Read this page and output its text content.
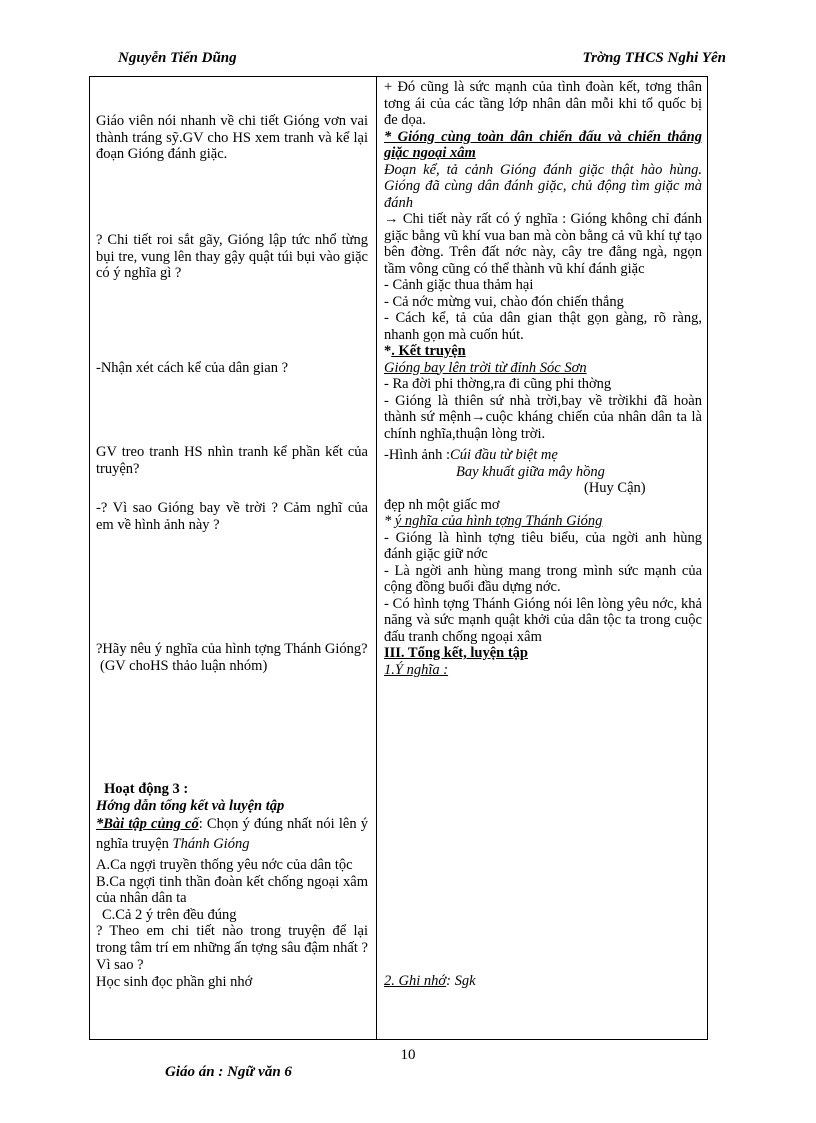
Nguyễn Tiến Dũng	Trờng THCS Nghi Yên

Giáo viên nói nhanh về chi tiết Gióng vơn vai thành tráng sỹ.GV cho HS xem tranh và kể lại đoạn Gióng đánh giặc.

? Chi tiết roi sắt gãy, Gióng lập tức nhổ từng bụi tre, vung lên thay gậy quật túi bụi vào giặc có ý nghĩa gì ?

-Nhận xét cách kể của dân gian ?

GV treo tranh HS nhìn tranh kể phần kết của truyện?

-? Vì sao Gióng bay về trời ? Cảm nghĩ của em về hình ảnh này ?

?Hãy nêu ý nghĩa của hình tợng Thánh Gióng?

(GV choHS thảo luận nhóm)

Hoạt động 3 :

Hớng dẫn tổng kết và luyện tập

*Bài tập củng cố: Chọn ý đúng nhất nói lên ý nghĩa truyện Thánh Gióng

A.Ca ngợi truyền thống yêu nớc của dân tộc

B.Ca ngợi tinh thần đoàn kết chống ngoại xâm của nhân dân ta

C.Cả 2 ý trên đều đúng

? Theo em chi tiết nào trong truyện để lại trong tâm trí em những ấn tợng sâu đậm nhất ? Vì sao ?

Học sinh đọc phần ghi nhớ

+ Đó cũng là sức mạnh của tình đoàn kết, tơng thân tơng ái của các tầng lớp nhân dân mỗi khi tổ quốc bị đe dọa.

* Gióng cùng toàn dân chiến đấu và chiến thắng giặc ngoại xâm

Đoạn kể, tả cảnh Gióng đánh giặc thật hào hùng. Gióng đã cùng dân đánh giặc, chủ động tìm giặc mà đánh

→ Chi tiết này rất có ý nghĩa : Gióng không chỉ đánh giặc bằng vũ khí vua ban mà còn bằng cả vũ khí tự tạo bên đờng. Trên đất nớc này, cây tre đằng ngà, ngọn tầm vông cũng có thể thành vũ khí đánh giặc

- Cảnh giặc thua thảm hại

- Cả nớc mừng vui, chào đón chiến thắng

- Cách kể, tả của dân gian thật gọn gàng, rõ ràng, nhanh gọn mà cuốn hút.

*. Kết truyện

Gióng bay lên trời từ đỉnh Sóc Sơn

- Ra đời phi thờng,ra đi cũng phi thờng

- Gióng là thiên sứ nhà trời,bay về trờikhi đã hoàn thành sứ mệnh→cuộc kháng chiến của nhân dân ta là chính nghĩa,thuận lòng trời.

-Hình ảnh :Cúi đầu từ biệt mẹ

Bay khuất giữa mây hồng

(Huy Cận)

đẹp nh một giấc mơ

* ý nghĩa của hình tợng Thánh Gióng

- Gióng là hình tợng tiêu biểu, của ngời anh hùng đánh giặc giữ nớc

- Là ngời anh hùng mang trong mình sức mạnh của cộng đồng buổi đầu dựng nớc.

- Có hình tợng Thánh Gióng nói lên lòng yêu nớc, khả năng và sức mạnh quật khởi của dân tộc ta trong cuộc đấu tranh chống ngoại xâm

III. Tổng kết, luyện tập

1.Ý nghĩa :

2. Ghi nhớ: Sgk

10
Giáo án : Ngữ văn 6
